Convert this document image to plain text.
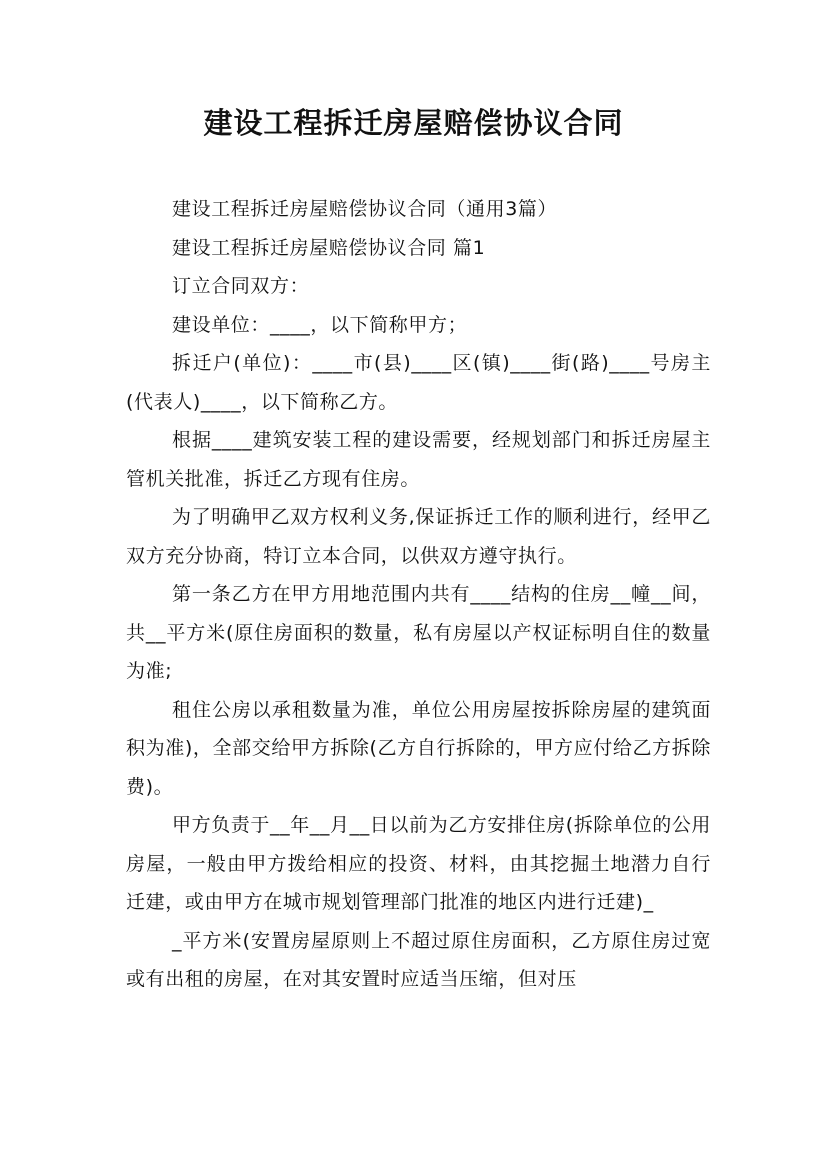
建设工程拆迁房屋赔偿协议合同

建设工程拆迁房屋赔偿协议合同（通用3篇）

建设工程拆迁房屋赔偿协议合同 篇1

订立合同双方：

建设单位：____，以下简称甲方；

拆迁户(单位)：____市(县)____区(镇)____街(路)____号房主(代表人)____，以下简称乙方。

根据____建筑安装工程的建设需要，经规划部门和拆迁房屋主管机关批准，拆迁乙方现有住房。

为了明确甲乙双方权利义务,保证拆迁工作的顺利进行，经甲乙双方充分协商，特订立本合同，以供双方遵守执行。

第一条乙方在甲方用地范围内共有____结构的住房__幢__间，共__平方米(原住房面积的数量，私有房屋以产权证标明自住的数量为准;

租住公房以承租数量为准，单位公用房屋按拆除房屋的建筑面积为准)，全部交给甲方拆除(乙方自行拆除的，甲方应付给乙方拆除费)。

甲方负责于__年__月__日以前为乙方安排住房(拆除单位的公用房屋，一般由甲方拨给相应的投资、材料，由其挖掘土地潜力自行迁建，或由甲方在城市规划管理部门批准的地区内进行迁建)_

_平方米(安置房屋原则上不超过原住房面积，乙方原住房过宽或有出租的房屋，在对其安置时应适当压缩，但对压
